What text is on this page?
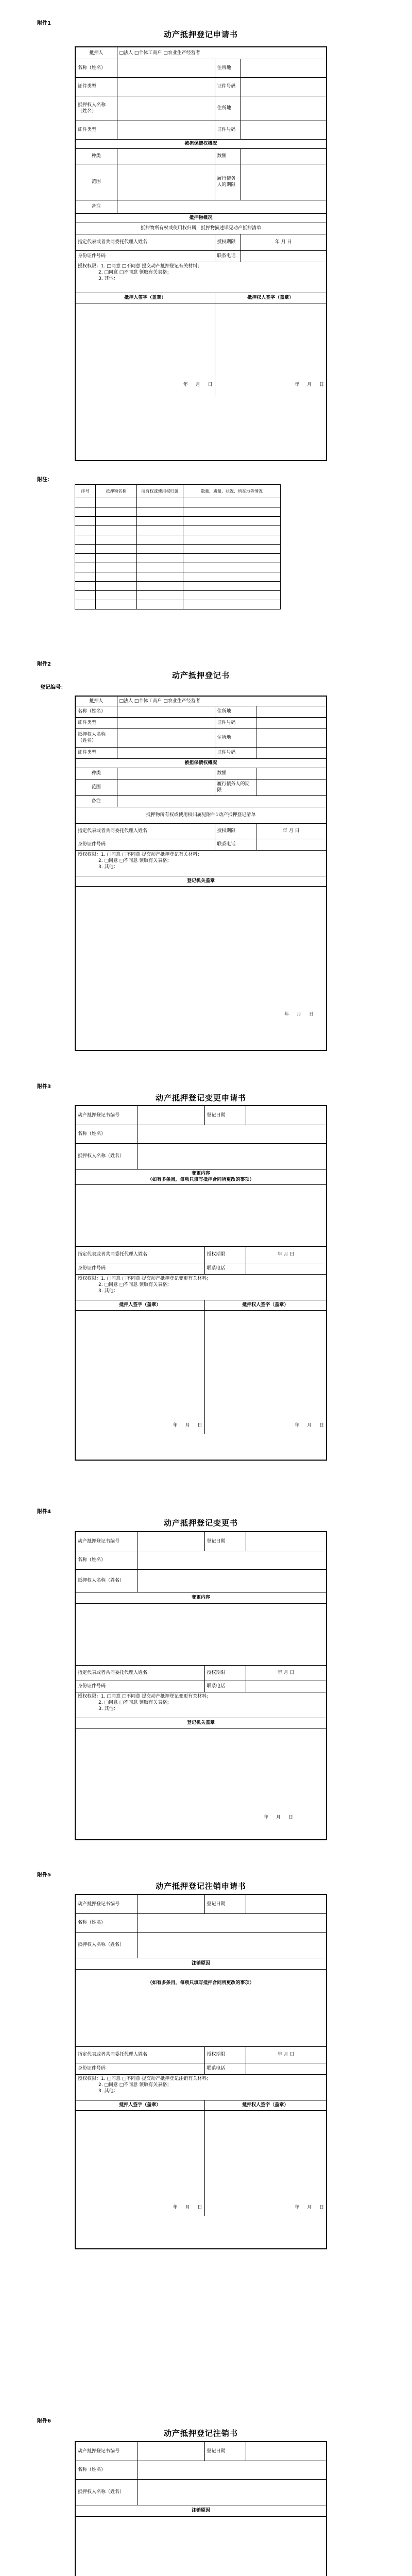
附件1
动产抵押登记申请书
抵押人	□法人 □个体工商户 □农业生产经营者		
名称（姓名）		住所地	
证件类型		证件号码	
抵押权人名称（姓名）		住所地	
证件类型		证件号码	
被担保债权概况			
种类		数额	
范围		履行债务人的期限	
备注			
抵押物概况			
抵押物所有权或使用权归属，抵押物描述详见动产抵押清单			
指定代表或者共同委托代理人姓名		授权期限	年 月 日
身份证件号码		联系电话	

授权权限：1. □同意 □不同意 提交动产抵押登记有关材料；
2. □同意 □不同意 领取有关表格；
3. 其他：			

抵押人签字（盖章）		抵押权人签字（盖章）	

年 月 日		年 月 日	
附注：
序号	抵押物名称	所有权或使用权归属	数量、质量、状况、所在地等情况

附件2
动产抵押登记书
登记编号：
抵押人	□法人 □个体工商户 □农业生产经营者		
名称（姓名）		住所地	
证件类型		证件号码	
抵押权人名称（姓名）		住所地	
证件类型		证件号码	
被担保债权概况			
种类		数额	
范围		履行债务人的期限	
备注			
抵押物所有权或使用权归属见附件1动产抵押登记清单			
指定代表或者共同委托代理人姓名		授权期限	年 月 日
身份证件号码		联系电话	

授权权限：1. □同意 □不同意 提交动产抵押登记有关材料；
2. □同意 □不同意 领取有关表格；
3. 其他：			

登记机关盖章			

年 月 日			
附件3
动产抵押登记变更申请书
动产抵押登记书编号		登记日期	
名称（姓名）			
抵押权人名称（姓名）			

变更内容
（如有多条目，每项只填写抵押合同所更改的事项）			

指定代表或者共同委托代理人姓名		授权期限	年 月 日
身份证件号码		联系电话	

授权权限：1. □同意 □不同意 提交动产抵押登记变更有关材料；
2. □同意 □不同意 领取有关表格；
3. 其他：			

抵押人签字（盖章）		抵押权人签字（盖章）	

年 月 日		年 月 日	
附件4
动产抵押登记变更书
动产抵押登记书编号		登记日期	
名称（姓名）			
抵押权人名称（姓名）			
变更内容			

指定代表或者共同委托代理人姓名		授权期限	年 月 日
身份证件号码		联系电话	

授权权限：1. □同意 □不同意 提交动产抵押登记变更有关材料；
2. □同意 □不同意 领取有关表格；
3. 其他：			

登记机关盖章			

年 月 日			
附件5
动产抵押登记注销申请书
动产抵押登记书编号		登记日期	
名称（姓名）			
抵押权人名称（姓名）			
注销原因			

（如有多条目，每项只填写抵押合同所更改的事项）			

指定代表或者共同委托代理人姓名		授权期限	年 月 日
身份证件号码		联系电话	

授权权限：1. □同意 □不同意 提交动产抵押登记注销有关材料；
2. □同意 □不同意 领取有关表格；
3. 其他：			

抵押人签字（盖章）		抵押权人签字（盖章）	

年 月 日		年 月 日	
附件6
动产抵押登记注销书
动产抵押登记书编号		登记日期	
名称（姓名）			
抵押权人名称（姓名）			
注销原因			
